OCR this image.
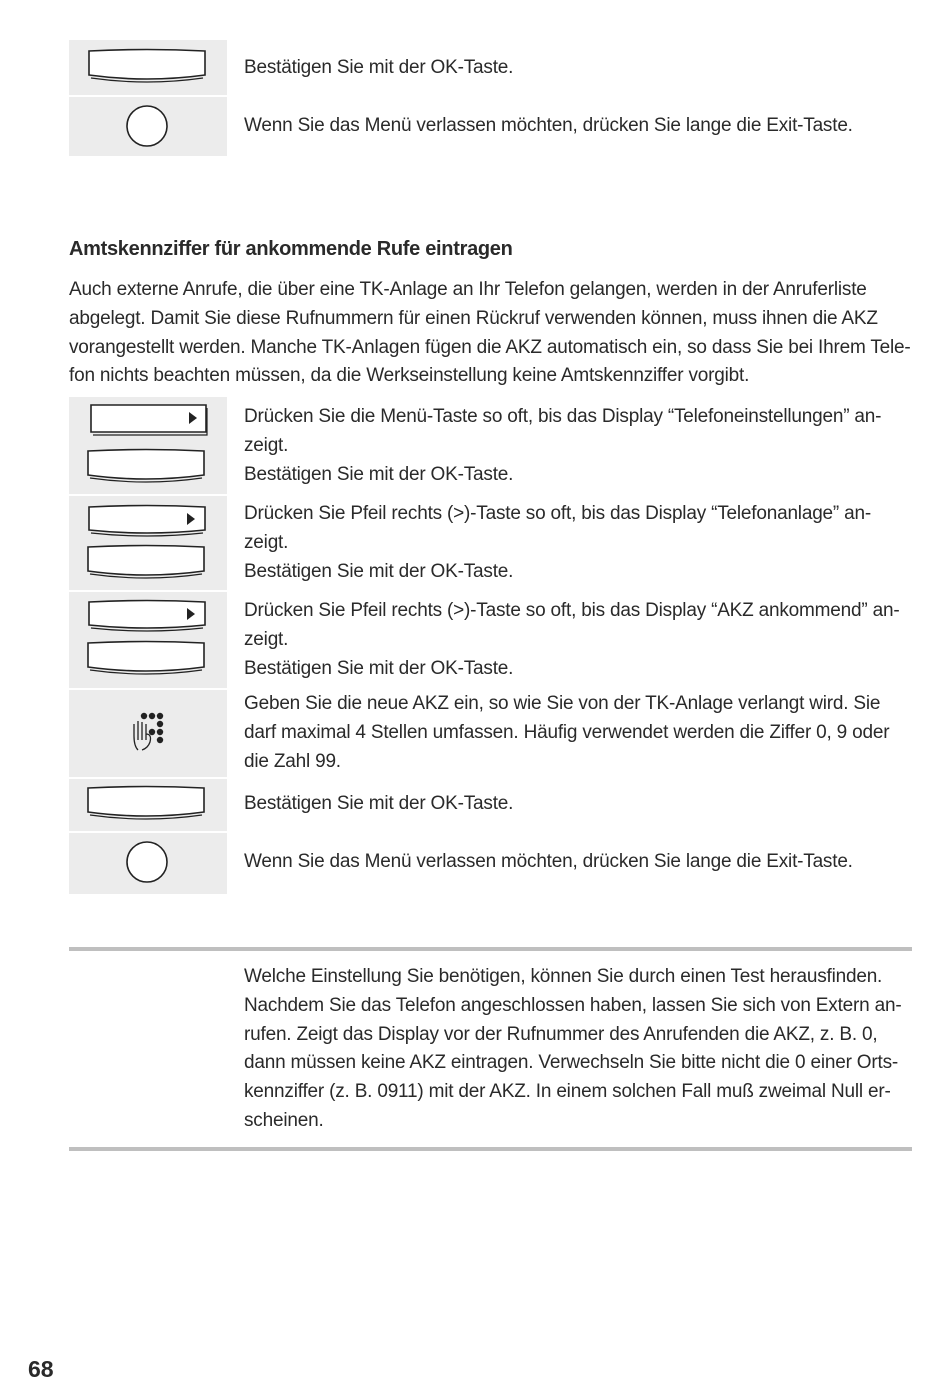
Bestätigen Sie mit der OK-Taste.

Wenn Sie das Menü verlassen möchten, drücken Sie lange die Exit-Taste.

Amtskennziffer für ankommende Rufe eintragen

Auch externe Anrufe, die über eine TK-Anlage an Ihr Telefon gelangen, werden in der Anruferliste
abgelegt. Damit Sie diese Rufnummern für einen Rückruf verwenden können, muss ihnen die AKZ
vorangestellt werden. Manche TK-Anlagen fügen die AKZ automatisch ein, so dass Sie bei Ihrem Tele-
fon nichts beachten müssen, da die Werkseinstellung keine Amtskennziffer vorgibt.

Drücken Sie die Menü-Taste so oft, bis das Display “Telefoneinstellungen” an-
zeigt.
Bestätigen Sie mit der OK-Taste.

Drücken Sie Pfeil rechts (>)-Taste so oft, bis das Display “Telefonanlage” an-
zeigt.
Bestätigen Sie mit der OK-Taste.

Drücken Sie Pfeil rechts (>)-Taste so oft, bis das Display “AKZ ankommend” an-
zeigt.
Bestätigen Sie mit der OK-Taste.

Geben Sie die neue AKZ ein, so wie Sie von der TK-Anlage verlangt wird. Sie
darf maximal 4 Stellen umfassen. Häufig verwendet werden die Ziffer 0, 9 oder
die Zahl 99.

Bestätigen Sie mit der OK-Taste.

Wenn Sie das Menü verlassen möchten, drücken Sie lange die Exit-Taste.

Welche Einstellung Sie benötigen, können Sie durch einen Test herausfinden.
Nachdem Sie das Telefon angeschlossen haben, lassen Sie sich von Extern an-
rufen. Zeigt das Display vor der Rufnummer des Anrufenden die AKZ, z. B. 0,
dann müssen keine AKZ eintragen. Verwechseln Sie bitte nicht die 0 einer Orts-
kennziffer (z. B. 0911) mit der AKZ. In einem solchen Fall muß zweimal Null er-
scheinen.

68
